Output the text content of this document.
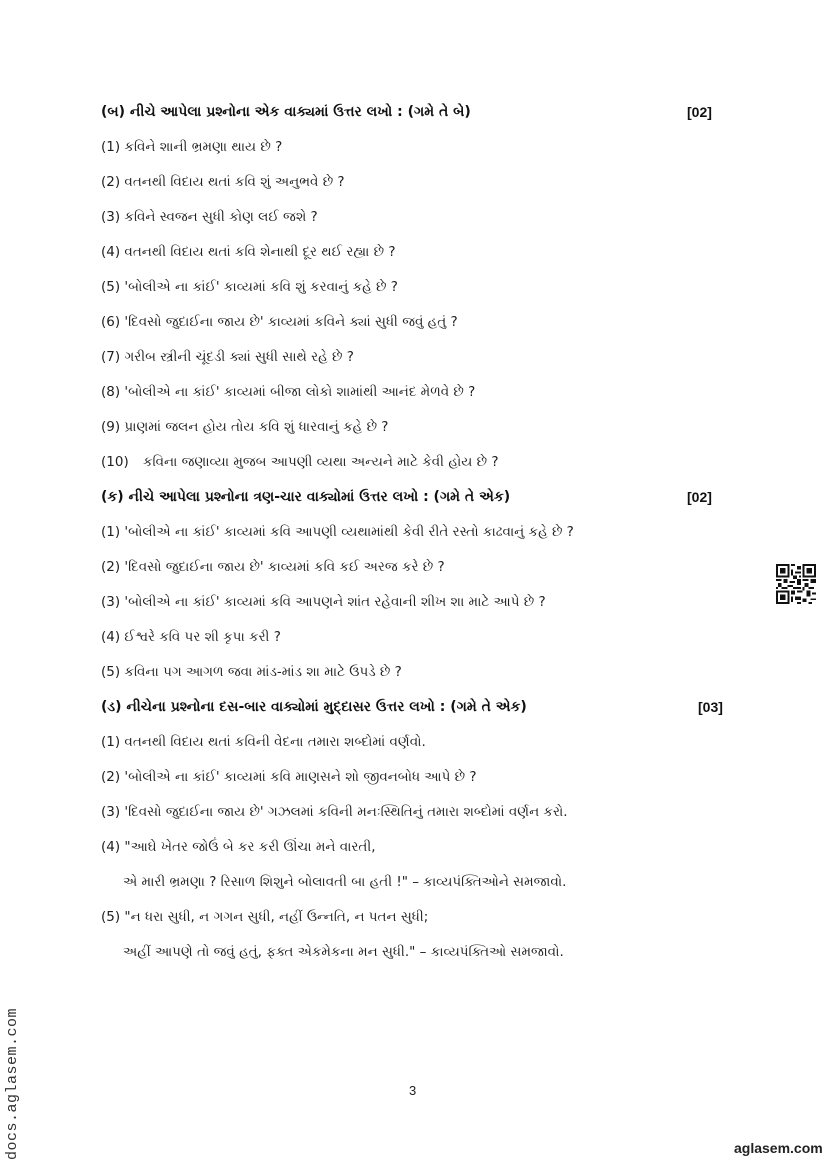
(બ) નીચે આપેલા પ્રશ્નોના એક વાક્યમાં ઉત્તર લખો : (ગમે તે બે)	[02]
(1) કવિને શાની ભ્રમણા થાય છે ?
(2) વતનથી વિદાય થતાં કવિ શું અનુભવે છે ?
(3) કવિને સ્વજન સુધી કોણ લઈ જશે ?
(4) વતનથી વિદાય થતાં કવિ શેનાથી દૂર થઈ રહ્યા છે ?
(5) 'બોલીએ ના કાંઈ' કાવ્યમાં કવિ શું કરવાનું કહે છે ?
(6) 'દિવસો જુદાઈના જાય છે' કાવ્યમાં કવિને ક્યાં સુધી જવું હતું ?
(7) ગરીબ સ્ત્રીની ચૂંદડી ક્યાં સુધી સાથે રહે છે ?
(8) 'બોલીએ ના કાંઈ' કાવ્યમાં બીજા લોકો શામાંથી આનંદ મેળવે છે ?
(9) પ્રાણમાં જલન હોય તોય કવિ શું ધારવાનું કહે છે ?
(10) કવિના જણાવ્યા મુજબ આપણી વ્યથા અન્યને માટે કેવી હોય છે ?
(ક) નીચે આપેલા પ્રશ્નોના ત્રણ-ચાર વાક્યોમાં ઉત્તર લખો : (ગમે તે એક)	[02]
(1) 'બોલીએ ના કાંઈ' કાવ્યમાં કવિ આપણી વ્યથામાંથી કેવી રીતે રસ્તો કાઢવાનું કહે છે ?
(2) 'દિવસો જુદાઈના જાય છે' કાવ્યમાં કવિ કઈ અરજ કરે છે ?
(3) 'બોલીએ ના કાંઈ' કાવ્યમાં કવિ આપણને શાંત રહેવાની શીખ શા માટે આપે છે ?
(4) ઈશ્વરે કવિ પર શી કૃપા કરી ?
(5) કવિના પગ આગળ જવા માંડ-માંડ શા માટે ઉપડે છે ?
(ડ) નીચેના પ્રશ્નોના દસ-બાર વાક્યોમાં મુદ્દાસર ઉત્તર લખો : (ગમે તે એક)	[03]
(1) વતનથી વિદાય થતાં કવિની વેદના તમારા શબ્દોમાં વર્ણવો.
(2) 'બોલીએ ના કાંઈ' કાવ્યમાં કવિ માણસને શો જીવનબોધ આપે છે ?
(3) 'દિવસો જુદાઈના જાય છે' ગઝલમાં કવિની મનઃસ્થિતિનું તમારા શબ્દોમાં વર્ણન કરો.
(4) "આઘે ખેતર જોઉં બે કર કરી ઊંચા મને વારતી,
એ મારી ભ્રમણા ? રિસાળ શિશુને બોલાવતી બા હતી !" – કાવ્યપંક્તિઓને સમજાવો.
(5) "ન ધરા સુધી, ન ગગન સુધી, નહીં ઉન્નતિ, ન પતન સુધી;
અહીં આપણે તો જવું હતું, ફક્ત એકમેકના મન સુધી." – કાવ્યપંક્તિઓ સમજાવો.
docs.aglasem.com	3
aglasem.com
